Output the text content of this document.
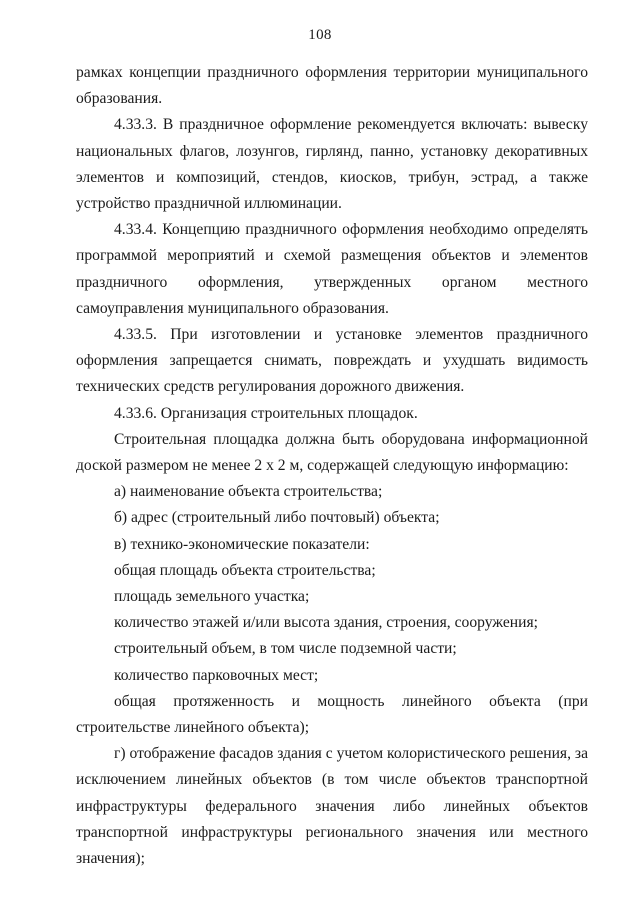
108

рамках концепции праздничного оформления территории муниципального образования.

4.33.3. В праздничное оформление рекомендуется включать: вывеску национальных флагов, лозунгов, гирлянд, панно, установку декоративных элементов и композиций, стендов, киосков, трибун, эстрад, а также устройство праздничной иллюминации.

4.33.4. Концепцию праздничного оформления необходимо определять программой мероприятий и схемой размещения объектов и элементов праздничного оформления, утвержденных органом местного самоуправления муниципального образования.

4.33.5. При изготовлении и установке элементов праздничного оформления запрещается снимать, повреждать и ухудшать видимость технических средств регулирования дорожного движения.

4.33.6. Организация строительных площадок.

Строительная площадка должна быть оборудована информационной доской размером не менее 2 х 2 м, содержащей следующую информацию:

а) наименование объекта строительства;

б) адрес (строительный либо почтовый) объекта;

в) технико-экономические показатели:

общая площадь объекта строительства;

площадь земельного участка;

количество этажей и/или высота здания, строения, сооружения;

строительный объем, в том числе подземной части;

количество парковочных мест;

общая протяженность и мощность линейного объекта (при строительстве линейного объекта);

г) отображение фасадов здания с учетом колористического решения, за исключением линейных объектов (в том числе объектов транспортной инфраструктуры федерального значения либо линейных объектов транспортной инфраструктуры регионального значения или местного значения);
